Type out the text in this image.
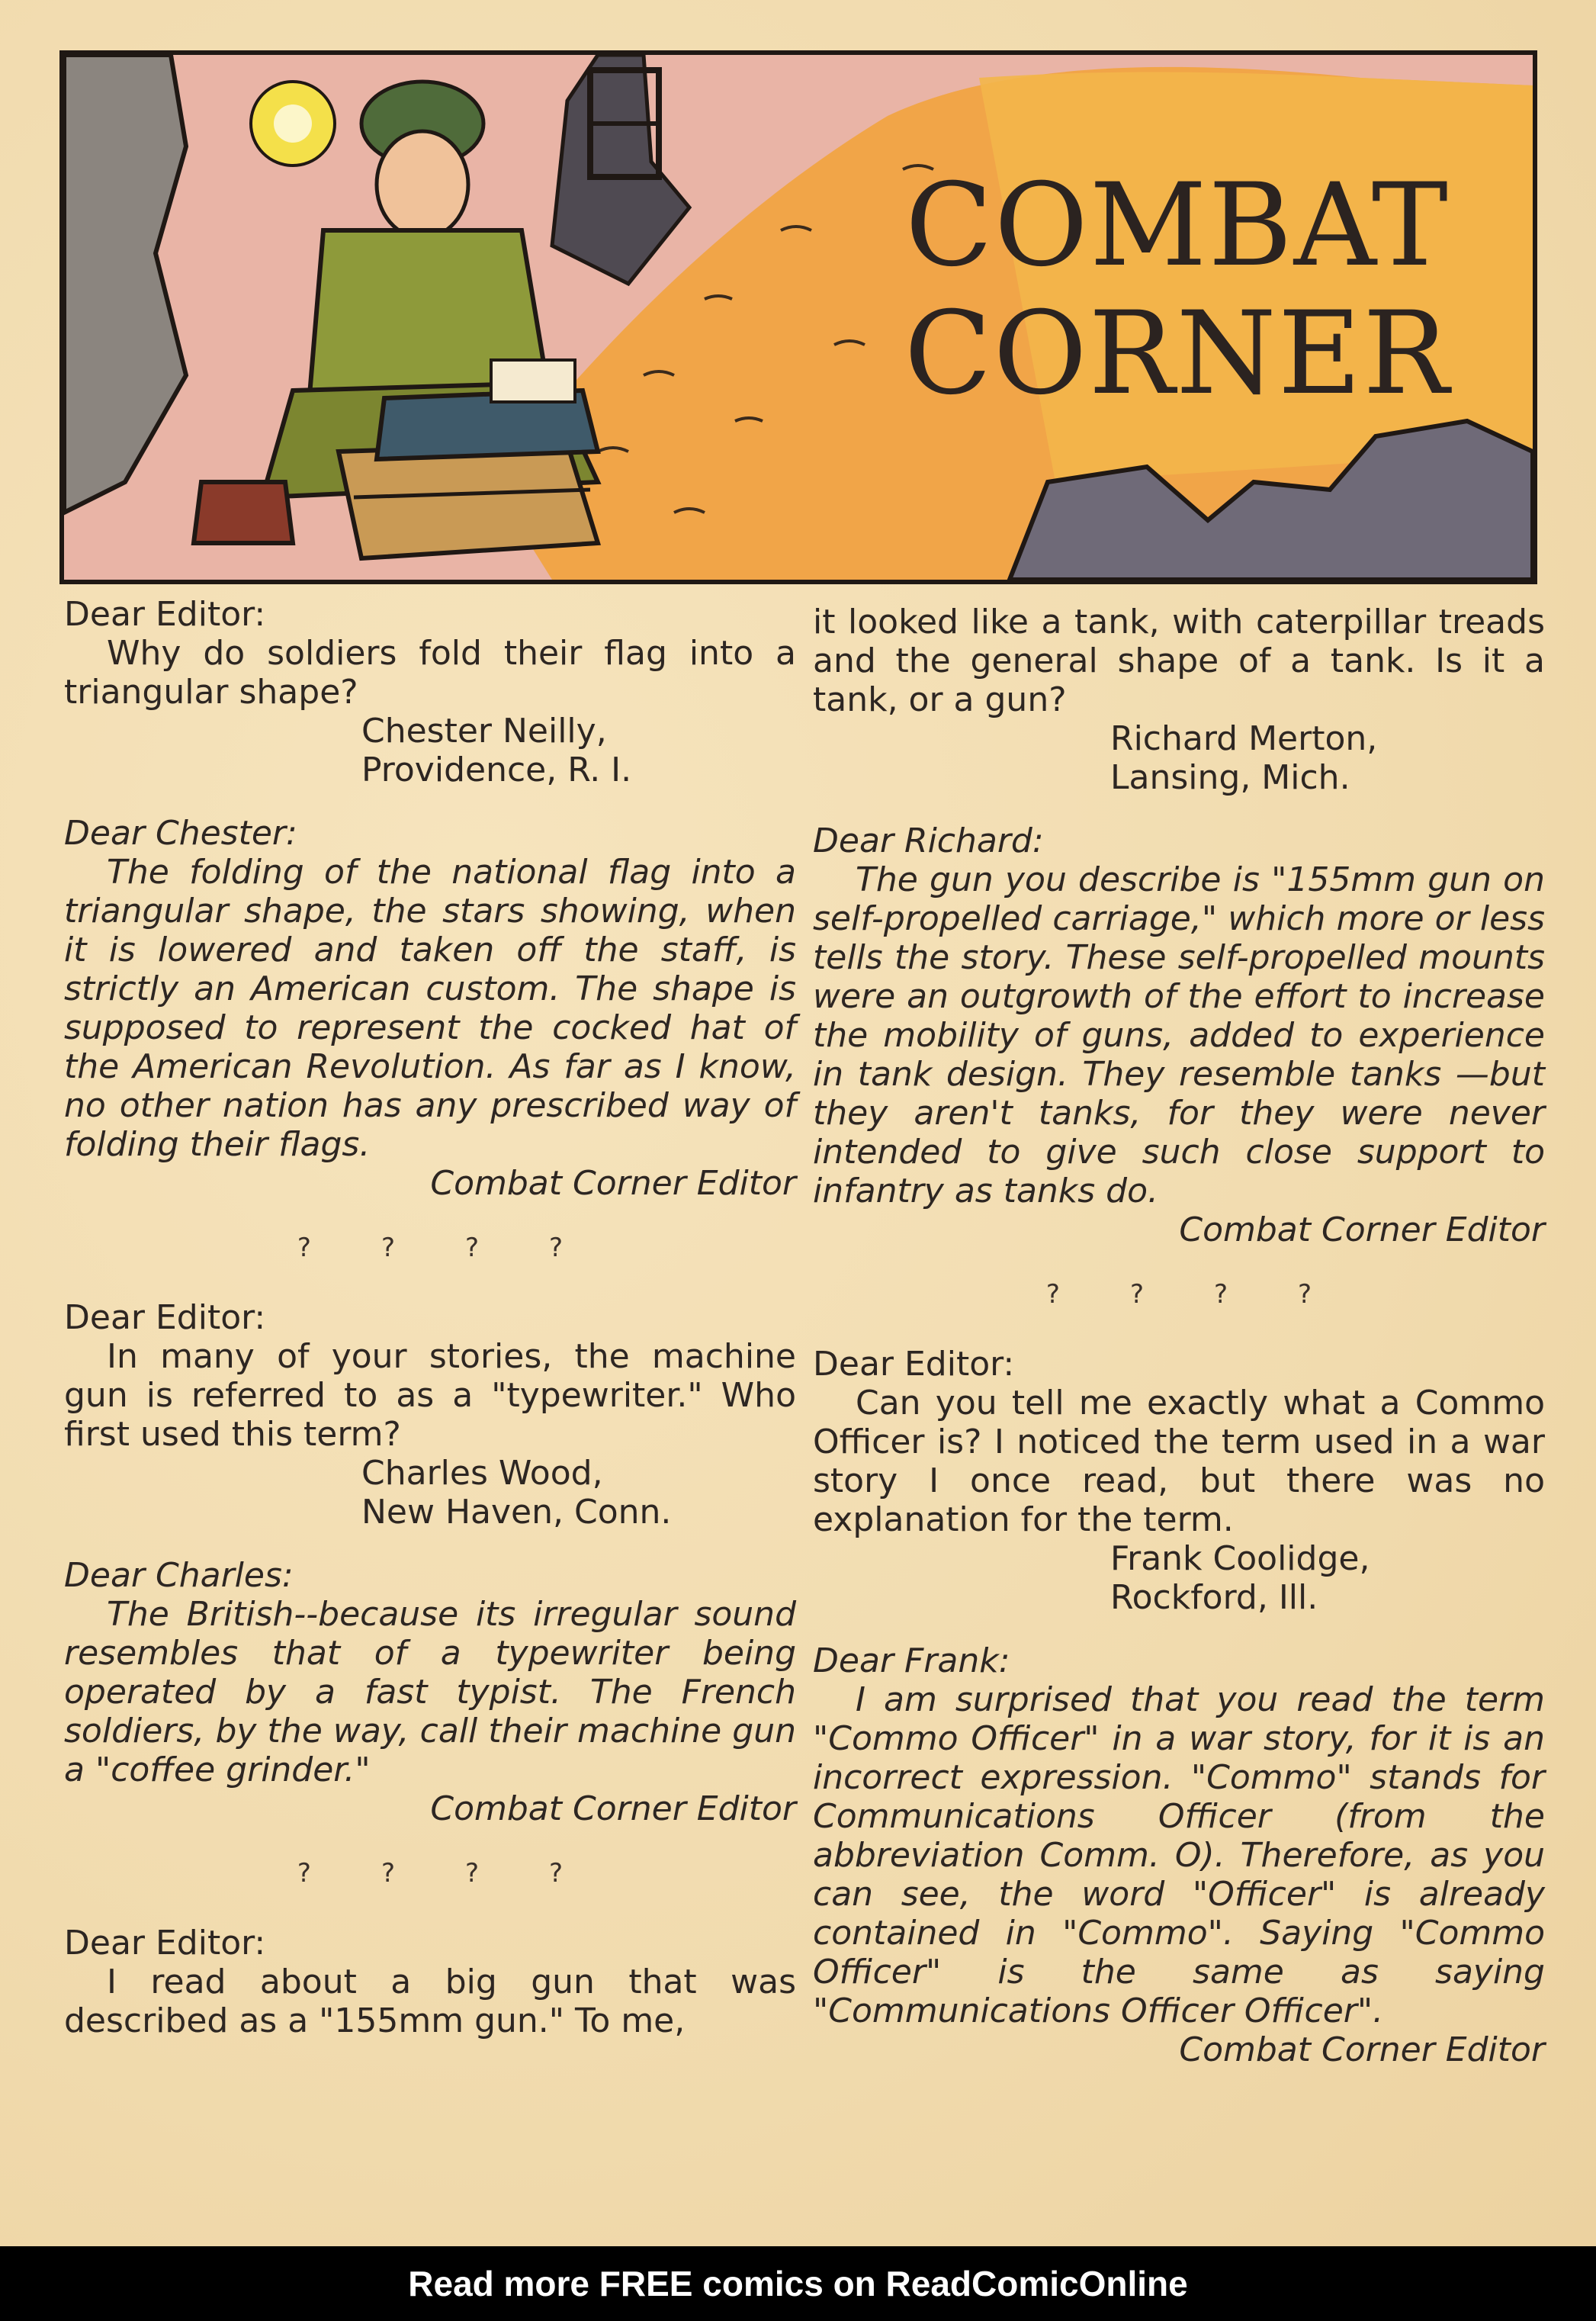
COMBAT
CORNER
Dear Editor:
Why do soldiers fold their flag into a triangular shape?
Chester Neilly,
Providence, R. I.
Dear Chester:
The folding of the national flag into a triangular shape, the stars showing, when it is lowered and taken off the staff, is strictly an American custom. The shape is supposed to represent the cocked hat of the American Revolution. As far as I know, no other nation has any prescribed way of folding their flags.
Combat Corner Editor
?	?	?	?
Dear Editor:
In many of your stories, the machine gun is referred to as a "typewriter." Who first used this term?
Charles Wood,
New Haven, Conn.
Dear Charles:
The British--because its irregular sound resembles that of a typewriter being operated by a fast typist. The French soldiers, by the way, call their machine gun a "coffee grinder."
Combat Corner Editor
?	?	?	?
Dear Editor:
I read about a big gun that was described as a "155mm gun." To me,
it looked like a tank, with caterpillar treads and the general shape of a tank. Is it a tank, or a gun?
Richard Merton,
Lansing, Mich.
Dear Richard:
The gun you describe is "155mm gun on self-propelled carriage," which more or less tells the story. These self-propelled mounts were an outgrowth of the effort to increase the mobility of guns, added to experience in tank design. They resemble tanks —but they aren't tanks, for they were never intended to give such close support to infantry as tanks do.
Combat Corner Editor
?	?	?	?
Dear Editor:
Can you tell me exactly what a Commo Officer is? I noticed the term used in a war story I once read, but there was no explanation for the term.
Frank Coolidge,
Rockford, Ill.
Dear Frank:
I am surprised that you read the term "Commo Officer" in a war story, for it is an incorrect expression. "Commo" stands for Communications Officer (from the abbreviation Comm. O). Therefore, as you can see, the word "Officer" is already contained in "Commo". Saying "Commo Officer" is the same as saying "Communications Officer Officer".
Combat Corner Editor
Read more FREE comics on ReadComicOnline
